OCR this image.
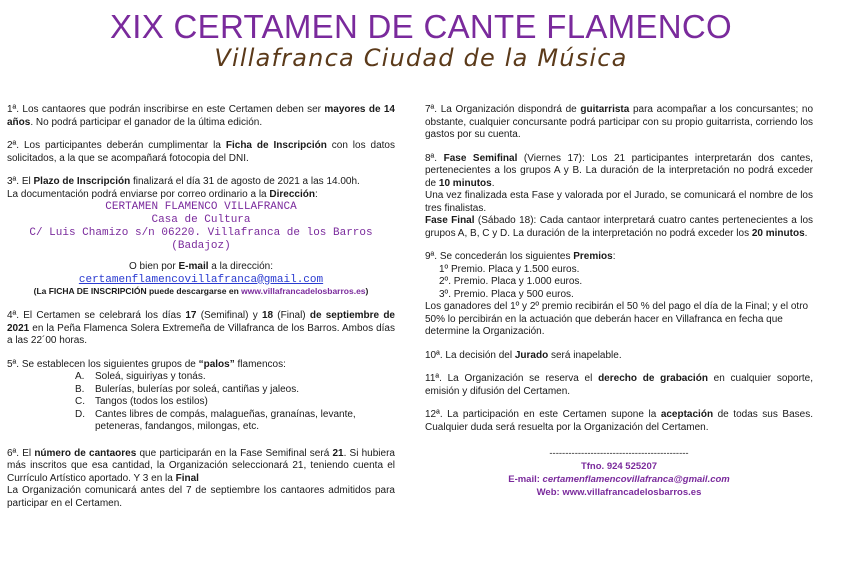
XIX CERTAMEN DE CANTE FLAMENCO
Villafranca Ciudad de la Música

1ª. Los cantaores que podrán inscribirse en este Certamen deben ser mayores de 14 años. No podrá participar el ganador de la última edición.

2ª. Los participantes deberán cumplimentar la Ficha de Inscripción con los datos solicitados, a la que se acompañará fotocopia del DNI.

3ª. El Plazo de Inscripción finalizará el día 31 de agosto de 2021 a las 14.00h.
La documentación podrá enviarse por correo ordinario a la Dirección:

CERTAMEN FLAMENCO VILLAFRANCA
Casa de Cultura
C/ Luis Chamizo s/n 06220. Villafranca de los Barros
(Badajoz)

O bien por E-mail a la dirección:

certamenflamencovillafranca@gmail.com

(La FICHA DE INSCRIPCIÓN puede descargarse en www.villafrancadelosbarros.es)

4ª. El Certamen se celebrará los días 17 (Semifinal) y 18 (Final) de septiembre de 2021 en la Peña Flamenca Solera Extremeña de Villafranca de los Barros. Ambos días a las 22´00 horas.

5ª. Se establecen los siguientes grupos de “palos” flamencos:

A.	Soleá, siguiriyas y tonás.
B.	Bulerías, bulerías por soleá, cantiñas y jaleos.
C.	Tangos (todos los estilos)
D.	Cantes libres de compás, malagueñas, granaínas, levante, peteneras, fandangos, milongas, etc.

6ª. El número de cantaores que participarán en la Fase Semifinal será 21. Si hubiera más inscritos que esa cantidad, la Organización seleccionará 21, teniendo cuenta el Currículo Artístico aportado. Y 3 en la Final
La Organización comunicará antes del 7 de septiembre los cantaores admitidos para participar en el Certamen.

7ª. La Organización dispondrá de guitarrista para acompañar a los concursantes; no obstante, cualquier concursante podrá participar con su propio guitarrista, corriendo los gastos por su cuenta.

8ª. Fase Semifinal (Viernes 17): Los 21 participantes interpretarán dos cantes, pertenecientes a los grupos A y B. La duración de la interpretación no podrá exceder de 10 minutos.

Una vez finalizada esta Fase y valorada por el Jurado, se comunicará el nombre de los tres finalistas.

Fase Final (Sábado 18): Cada cantaor interpretará cuatro cantes pertenecientes a los grupos A, B, C y D. La duración de la interpretación no podrá exceder los 20 minutos.

9ª. Se concederán los siguientes Premios:

1º Premio. Placa y 1.500 euros.
2º. Premio. Placa y 1.000 euros.
3º. Premio. Placa y 500 euros.

Los ganadores del 1º y 2º premio recibirán el 50 % del pago el día de la Final; y el otro 50% lo percibirán en la actuación que deberán hacer en Villafranca en fecha que determine la Organización.

10ª. La decisión del Jurado será inapelable.

11ª. La Organización se reserva el derecho de grabación en cualquier soporte, emisión y difusión del Certamen.

12ª. La participación en este Certamen supone la aceptación de todas sus Bases. Cualquier duda será resuelta por la Organización del Certamen.

--------------------------------------------
Tfno. 924 525207
E-mail: certamenflamencovillafranca@gmail.com
Web: www.villafrancadelosbarros.es
